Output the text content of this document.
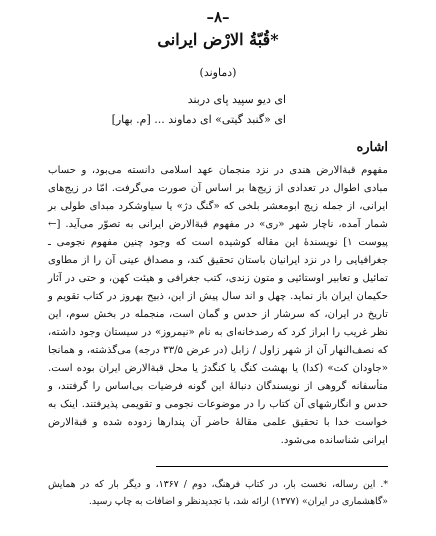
–۸–
قُبّةُ الارْض ایرانی*
(دماوند)
ای دیو سپید پای دربند
ای «گنبد گیتی» ای دماوند ... [م. بهار]
اشاره

مفهوم قبةالارض هندی در نزد منجمان عهد اسلامی دانسته می‌بود، و حساب مبادی اطوال در تعدادی از زیج‌ها بر اساس آن صورت می‌گرفت. امّا در زیج‌های ایرانی، از جمله زیج ابومعشر بلخی که «گنگ دژ» یا سیاوشکرد مبدای طولی بر شمار آمده، ناچار شهر «ری» در مفهوم قبةالارض ایرانی به تصوّر می‌آید. [← پیوست ۱] نویسندهٔ این مقاله کوشیده است که وجود چنین مفهوم نجومی ـ جغرافیایی را در نزد ایرانیان باستان تحقیق کند، و مصداق عینی آن را از مطاوی تمائیل و تعابیر اوستائیی و متون زندی، کتب جغرافی و هیئت کهن، و حتی در آثار حکیمان ایران باز نماید. چهل و اند سال پیش از این، ذبیح بهروز در کتاب تقویم و تاریخ در ایران، که سرشار از حدس و گمان است، منجمله در بخش سوم، این نظر غریب را ابراز کرد که رصدخانه‌ای به نام «نیمروز» در سیستان وجود داشته، که نصف‌النهار آن از شهر زاول / زابل (در عرض ۳۳/۵ درجه) می‌گذشته، و همانجا «جاودان کت» (کدا) یا بهشت کنگ یا کنگدژ یا محل قبةالارض ایران بوده است. متأسفانه گروهی از نویسندگان دنبالهٔ این گونه فرضیات بی‌اساس را گرفتند، و حدس و انگارشهای آن کتاب را در موضوعات نجومی و تقویمی پذیرفتند. اینک به خواست خدا با تحقیق علمی مقالهٔ حاضر آن پندارها زدوده شده و قبةالارض ایرانی شناسانده می‌شود.

*. این رساله، نخست بار، در کتاب فرهنگ، دوم / ۱۳۶۷، و دیگر بار که در همایش «گاهشماری در ایران» (۱۳۷۷) ارائه شد، با تجدیدنظر و اضافات به چاپ رسید.
